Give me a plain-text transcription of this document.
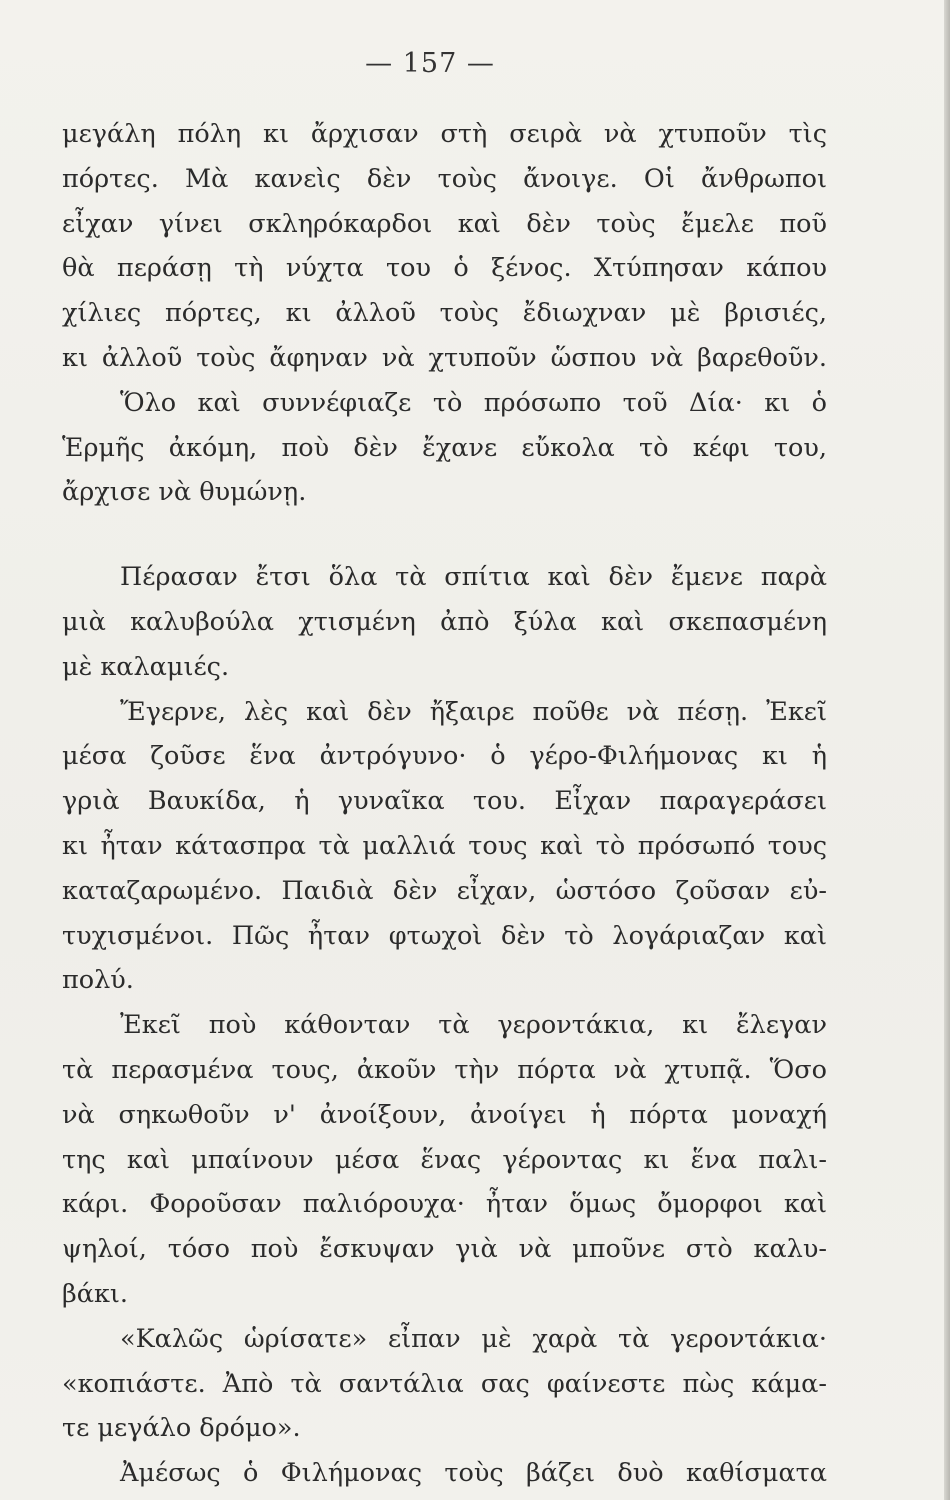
— 157 —
μεγάλη πόλη κι ἄρχισαν στὴ σειρὰ νὰ χτυποῦν τὶς
πόρτες. Μὰ κανεὶς δὲν τοὺς ἄνοιγε. Οἱ ἄνθρωποι
εἶχαν γίνει σκληρόκαρδοι καὶ δὲν τοὺς ἔμελε ποῦ
θὰ περάσῃ τὴ νύχτα του ὁ ξένος. Χτύπησαν κάπου
χίλιες πόρτες, κι ἀλλοῦ τοὺς ἔδιωχναν μὲ βρισιές,
κι ἀλλοῦ τοὺς ἄφηναν νὰ χτυποῦν ὥσπου νὰ βαρεθοῦν.
Ὅλο καὶ συννέφιαζε τὸ πρόσωπο τοῦ Δία· κι ὁ
Ἑρμῆς ἀκόμη, ποὺ δὲν ἔχανε εὔκολα τὸ κέφι του,
ἄρχισε νὰ θυμώνῃ.
Πέρασαν ἔτσι ὅλα τὰ σπίτια καὶ δὲν ἔμενε παρὰ
μιὰ καλυβούλα χτισμένη ἀπὸ ξύλα καὶ σκεπασμένη
μὲ καλαμιές.
Ἔγερνε, λὲς καὶ δὲν ἤξαιρε ποῦθε νὰ πέσῃ. Ἐκεῖ
μέσα ζοῦσε ἕνα ἀντρόγυνο· ὁ γέρο-Φιλήμονας κι ἡ
γριὰ Βαυκίδα, ἡ γυναῖκα του. Εἶχαν παραγεράσει
κι ἦταν κάτασπρα τὰ μαλλιά τους καὶ τὸ πρόσωπό τους
καταζαρωμένο. Παιδιὰ δὲν εἶχαν, ὡστόσο ζοῦσαν εὐ-
τυχισμένοι. Πῶς ἦταν φτωχοὶ δὲν τὸ λογάριαζαν καὶ
πολύ.
Ἐκεῖ ποὺ κάθονταν τὰ γεροντάκια, κι ἔλεγαν
τὰ περασμένα τους, ἀκοῦν τὴν πόρτα νὰ χτυπᾷ. Ὅσο
νὰ σηκωθοῦν ν' ἀνοίξουν, ἀνοίγει ἡ πόρτα μοναχή
της καὶ μπαίνουν μέσα ἕνας γέροντας κι ἕνα παλι-
κάρι. Φοροῦσαν παλιόρουχα· ἦταν ὅμως ὄμορφοι καὶ
ψηλοί, τόσο ποὺ ἔσκυψαν γιὰ νὰ μποῦνε στὸ καλυ-
βάκι.
«Καλῶς ὡρίσατε» εἶπαν μὲ χαρὰ τὰ γεροντάκια·
«κοπιάστε. Ἀπὸ τὰ σαντάλια σας φαίνεστε πὼς κάμα-
τε μεγάλο δρόμο».
Ἀμέσως ὁ Φιλήμονας τοὺς βάζει δυὸ καθίσματα
